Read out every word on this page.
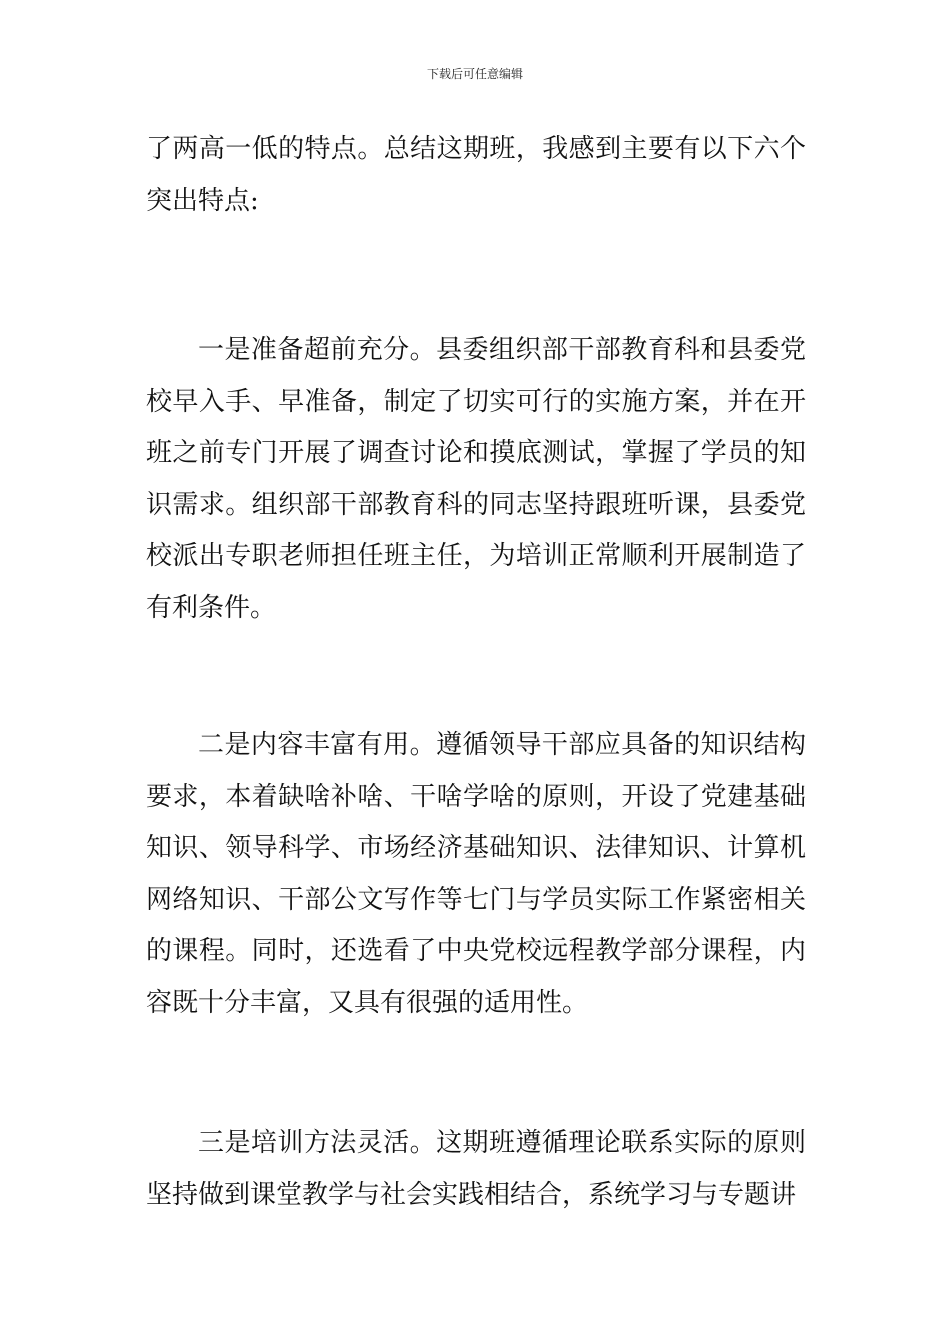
下载后可任意编辑

了两高一低的特点。总结这期班，我感到主要有以下六个突出特点:

一是准备超前充分。县委组织部干部教育科和县委党校早入手、早准备，制定了切实可行的实施方案，并在开班之前专门开展了调查讨论和摸底测试，掌握了学员的知识需求。组织部干部教育科的同志坚持跟班听课，县委党校派出专职老师担任班主任，为培训正常顺利开展制造了有利条件。

二是内容丰富有用。遵循领导干部应具备的知识结构要求，本着缺啥补啥、干啥学啥的原则，开设了党建基础知识、领导科学、市场经济基础知识、法律知识、计算机网络知识、干部公文写作等七门与学员实际工作紧密相关的课程。同时，还选看了中央党校远程教学部分课程，内容既十分丰富，又具有很强的适用性。

三是培训方法灵活。这期班遵循理论联系实际的原则坚持做到课堂教学与社会实践相结合，系统学习与专题讲
